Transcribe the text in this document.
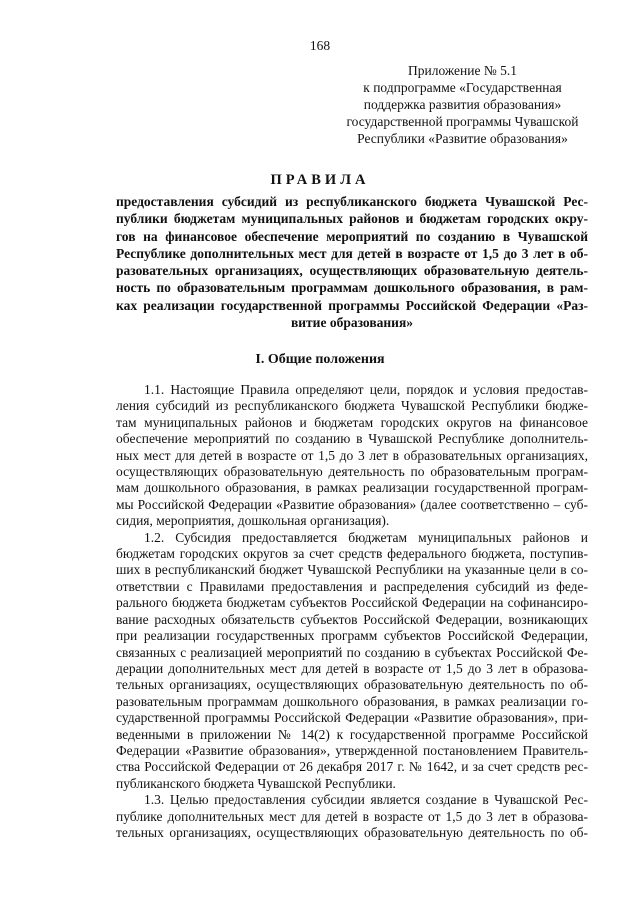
168
Приложение № 5.1
к подпрограмме «Государственная
поддержка развития образования»
государственной программы Чувашской
Республики «Развитие образования»
ПРАВИЛА
предоставления субсидий из республиканского бюджета Чувашской Рес-
публики бюджетам муниципальных районов и бюджетам городских окру-
гов на финансовое обеспечение мероприятий по созданию в Чувашской
Республике дополнительных мест для детей в возрасте от 1,5 до 3 лет в об-
разовательных организациях, осуществляющих образовательную деятель-
ность по образовательным программам дошкольного образования, в рам-
ках реализации государственной программы Российской Федерации «Раз-
витие образования»
I. Общие положения
1.1. Настоящие Правила определяют цели, порядок и условия предостав-
ления субсидий из республиканского бюджета Чувашской Республики бюдже-
там муниципальных районов и бюджетам городских округов на финансовое
обеспечение мероприятий по созданию в Чувашской Республике дополнитель-
ных мест для детей в возрасте от 1,5 до 3 лет в образовательных организациях,
осуществляющих образовательную деятельность по образовательным програм-
мам дошкольного образования, в рамках реализации государственной програм-
мы Российской Федерации «Развитие образования» (далее соответственно – суб-
сидия, мероприятия, дошкольная организация).
1.2. Субсидия предоставляется бюджетам муниципальных районов и
бюджетам городских округов за счет средств федерального бюджета, поступив-
ших в республиканский бюджет Чувашской Республики на указанные цели в со-
ответствии с Правилами предоставления и распределения субсидий из феде-
рального бюджета бюджетам субъектов Российской Федерации на софинансиро-
вание расходных обязательств субъектов Российской Федерации, возникающих
при реализации государственных программ субъектов Российской Федерации,
связанных с реализацией мероприятий по созданию в субъектах Российской Фе-
дерации дополнительных мест для детей в возрасте от 1,5 до 3 лет в образова-
тельных организациях, осуществляющих образовательную деятельность по об-
разовательным программам дошкольного образования, в рамках реализации го-
сударственной программы Российской Федерации «Развитие образования», при-
веденными в приложении № 14(2) к государственной программе Российской
Федерации «Развитие образования», утвержденной постановлением Правитель-
ства Российской Федерации от 26 декабря 2017 г. № 1642, и за счет средств рес-
публиканского бюджета Чувашской Республики.
1.3. Целью предоставления субсидии является создание в Чувашской Рес-
публике дополнительных мест для детей в возрасте от 1,5 до 3 лет в образова-
тельных организациях, осуществляющих образовательную деятельность по об-
